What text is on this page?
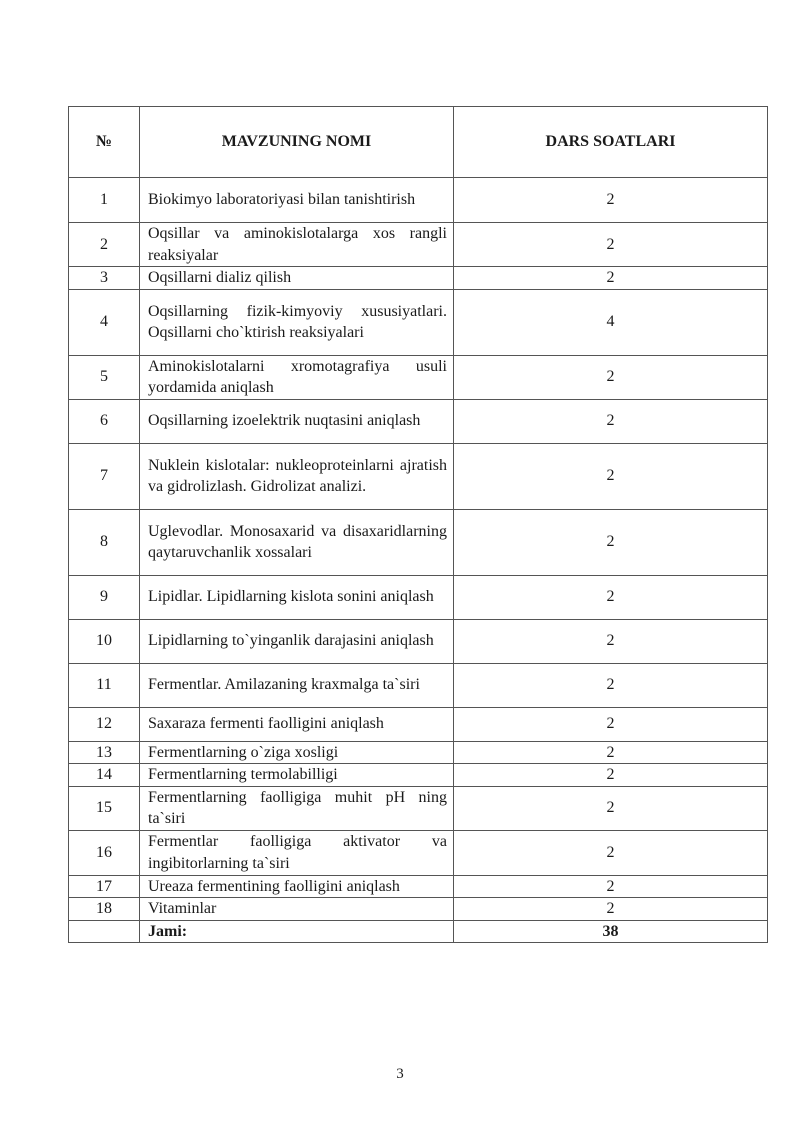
№	MAVZUNING NOMI	DARS SOATLARI
1	Biokimyo laboratoriyasi bilan tanishtirish	2
2	Oqsillar va aminokislotalarga xos rangli reaksiyalar	2
3	Oqsillarni dializ qilish	2
4	Oqsillarning fizik-kimyoviy xususiyatlari. Oqsillarni cho`ktirish reaksiyalari	4
5	Aminokislotalarni xromotagrafiya usuli yordamida aniqlash	2
6	Oqsillarning izoelektrik nuqtasini aniqlash	2
7	Nuklein kislotalar: nukleoproteinlarni ajratish va gidrolizlash. Gidrolizat analizi.	2
8	Uglevodlar. Monosaxarid va disaxaridlarning qaytaruvchanlik xossalari	2
9	Lipidlar. Lipidlarning kislota sonini aniqlash	2
10	Lipidlarning to`yinganlik darajasini aniqlash	2
11	Fermentlar. Amilazaning kraxmalga ta`siri	2
12	Saxaraza fermenti faolligini aniqlash	2
13	Fermentlarning o`ziga xosligi	2
14	Fermentlarning termolabilligi	2
15	Fermentlarning faolligiga muhit pH ning ta`siri	2
16	Fermentlar faolligiga aktivator va ingibitorlarning ta`siri	2
17	Ureaza fermentining faolligini aniqlash	2
18	Vitaminlar	2
	Jami:	38
3
